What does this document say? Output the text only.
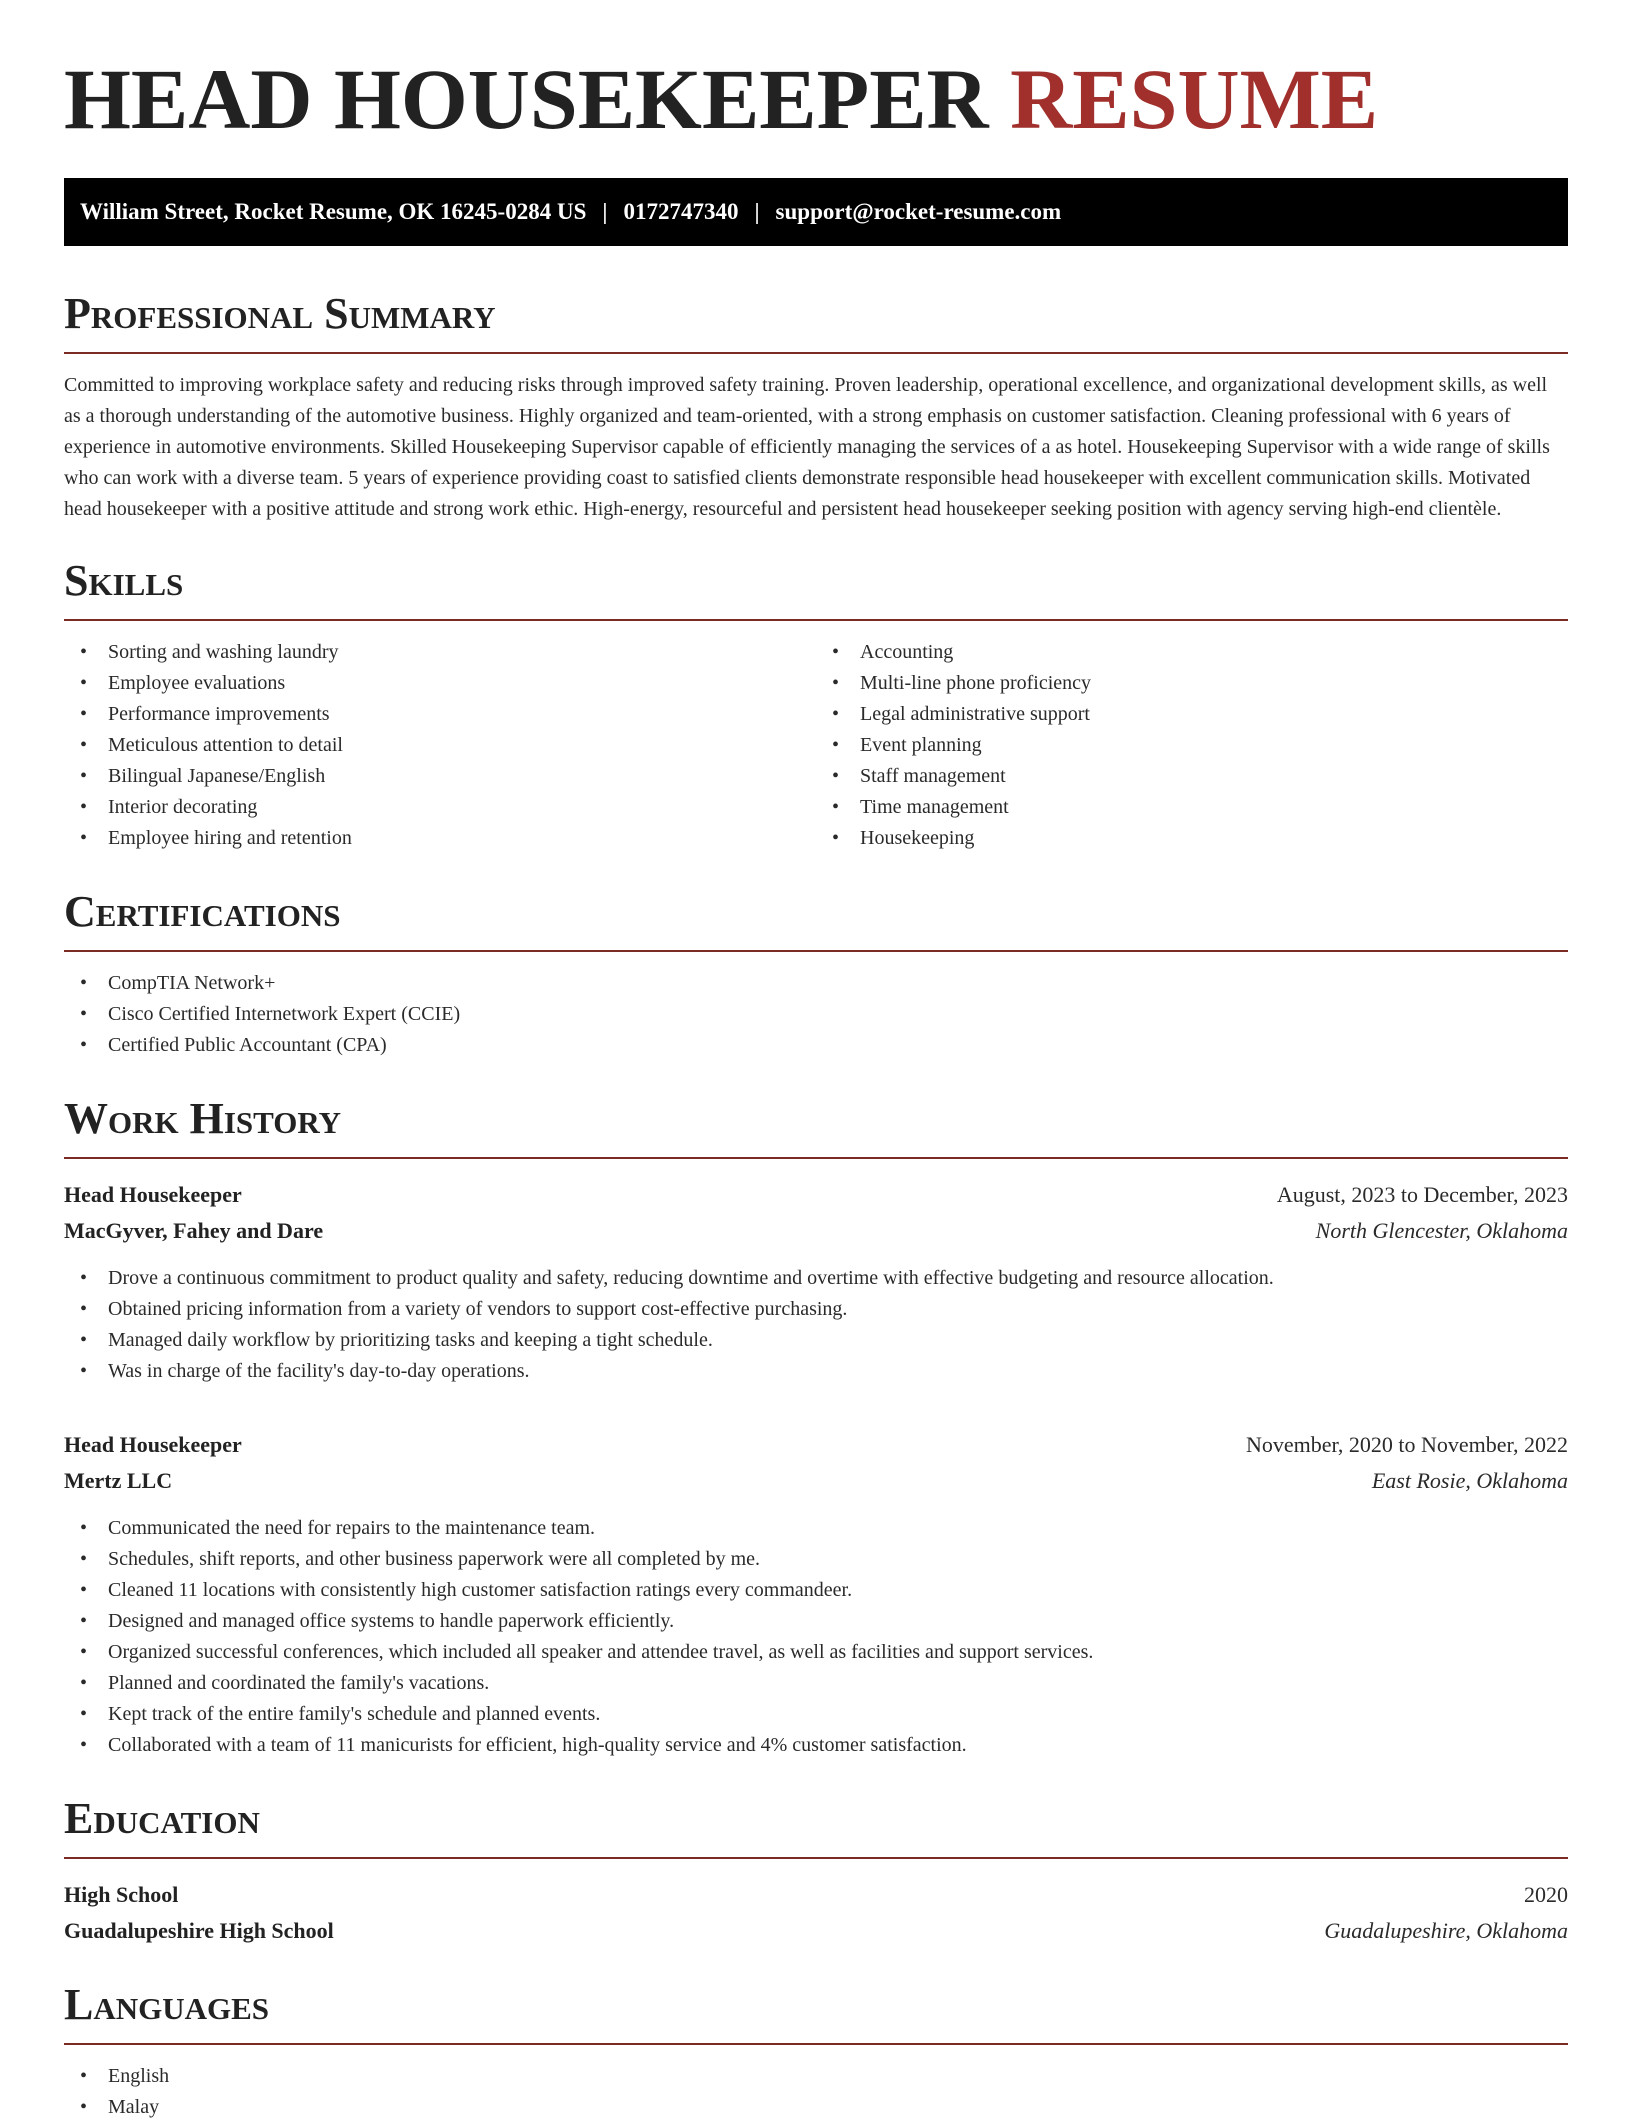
HEAD HOUSEKEEPER RESUME
William Street, Rocket Resume, OK 16245-0284 US | 0172747340 | support@rocket-resume.com
Professional Summary

Committed to improving workplace safety and reducing risks through improved safety training. Proven leadership, operational excellence, and organizational development skills, as well as a thorough understanding of the automotive business. Highly organized and team-oriented, with a strong emphasis on customer satisfaction. Cleaning professional with 6 years of experience in automotive environments. Skilled Housekeeping Supervisor capable of efficiently managing the services of a as hotel. Housekeeping Supervisor with a wide range of skills who can work with a diverse team. 5 years of experience providing coast to satisfied clients demonstrate responsible head housekeeper with excellent communication skills. Motivated head housekeeper with a positive attitude and strong work ethic. High-energy, resourceful and persistent head housekeeper seeking position with agency serving high-end clientèle.

Skills
• Sorting and washing laundry
• Employee evaluations
• Performance improvements
• Meticulous attention to detail
• Bilingual Japanese/English
• Interior decorating
• Employee hiring and retention
• Accounting
• Multi-line phone proficiency
• Legal administrative support
• Event planning
• Staff management
• Time management
• Housekeeping
Certifications
• CompTIA Network+
• Cisco Certified Internetwork Expert (CCIE)
• Certified Public Accountant (CPA)
Work History
Head Housekeeper	August, 2023 to December, 2023
MacGyver, Fahey and Dare	North Glencester, Oklahoma
• Drove a continuous commitment to product quality and safety, reducing downtime and overtime with effective budgeting and resource allocation.
• Obtained pricing information from a variety of vendors to support cost-effective purchasing.
• Managed daily workflow by prioritizing tasks and keeping a tight schedule.
• Was in charge of the facility's day-to-day operations.
Head Housekeeper	November, 2020 to November, 2022
Mertz LLC	East Rosie, Oklahoma
• Communicated the need for repairs to the maintenance team.
• Schedules, shift reports, and other business paperwork were all completed by me.
• Cleaned 11 locations with consistently high customer satisfaction ratings every commandeer.
• Designed and managed office systems to handle paperwork efficiently.
• Organized successful conferences, which included all speaker and attendee travel, as well as facilities and support services.
• Planned and coordinated the family's vacations.
• Kept track of the entire family's schedule and planned events.
• Collaborated with a team of 11 manicurists for efficient, high-quality service and 4% customer satisfaction.
Education
High School	2020
Guadalupeshire High School	Guadalupeshire, Oklahoma
Languages
• English
• Malay
